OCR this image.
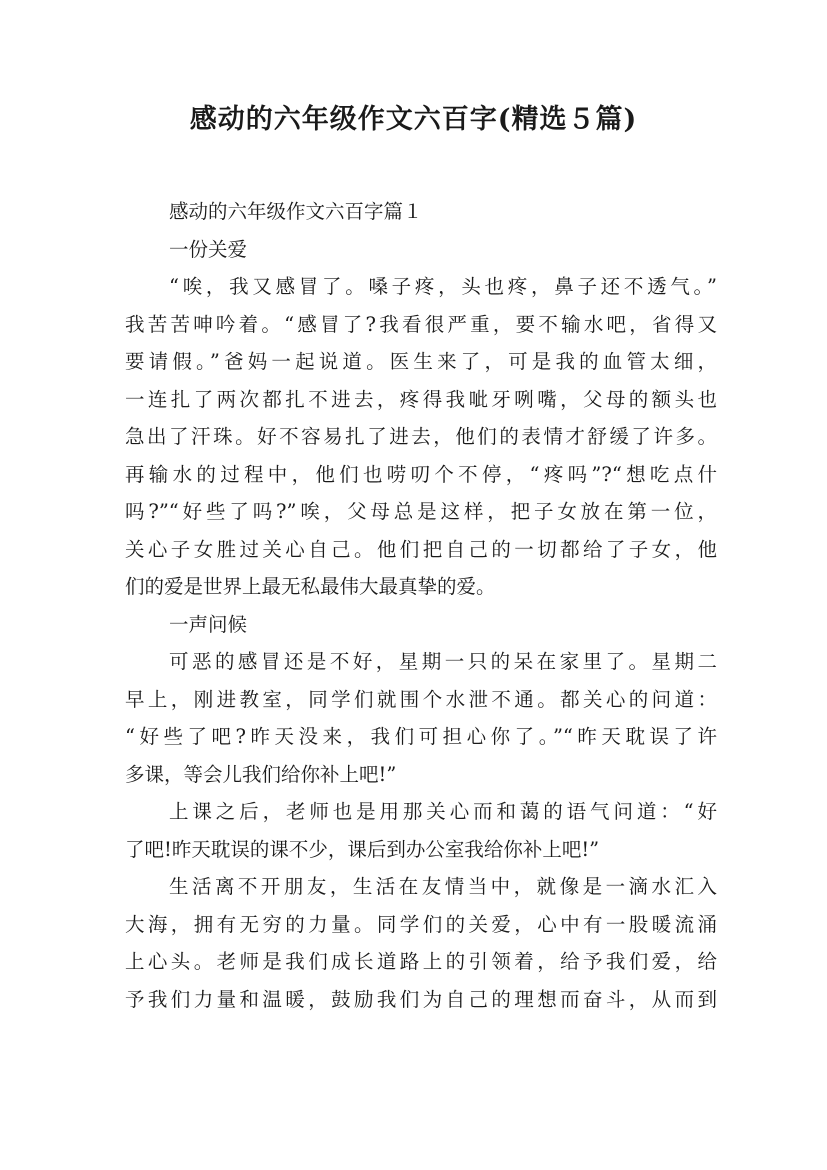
感动的六年级作文六百字(精选５篇)
感动的六年级作文六百字篇１
一份关爱
“唉，我又感冒了。嗓子疼，头也疼，鼻子还不透气。”
我苦苦呻吟着。“感冒了?我看很严重，要不输水吧，省得又
要请假。”爸妈一起说道。医生来了，可是我的血管太细，
一连扎了两次都扎不进去，疼得我呲牙咧嘴，父母的额头也
急出了汗珠。好不容易扎了进去，他们的表情才舒缓了许多。
再输水的过程中，他们也唠叨个不停，“疼吗”?“想吃点什
吗?”“好些了吗?”唉，父母总是这样，把子女放在第一位，
关心子女胜过关心自己。他们把自己的一切都给了子女，他
们的爱是世界上最无私最伟大最真挚的爱。
一声问候
可恶的感冒还是不好，星期一只的呆在家里了。星期二
早上，刚进教室，同学们就围个水泄不通。都关心的问道：
“好些了吧?昨天没来，我们可担心你了。”“昨天耽误了许
多课，等会儿我们给你补上吧!”
上课之后，老师也是用那关心而和蔼的语气问道：“好
了吧!昨天耽误的课不少，课后到办公室我给你补上吧!”
生活离不开朋友，生活在友情当中，就像是一滴水汇入
大海，拥有无穷的力量。同学们的关爱，心中有一股暖流涌
上心头。老师是我们成长道路上的引领着，给予我们爱，给
予我们力量和温暖，鼓励我们为自己的理想而奋斗，从而到
